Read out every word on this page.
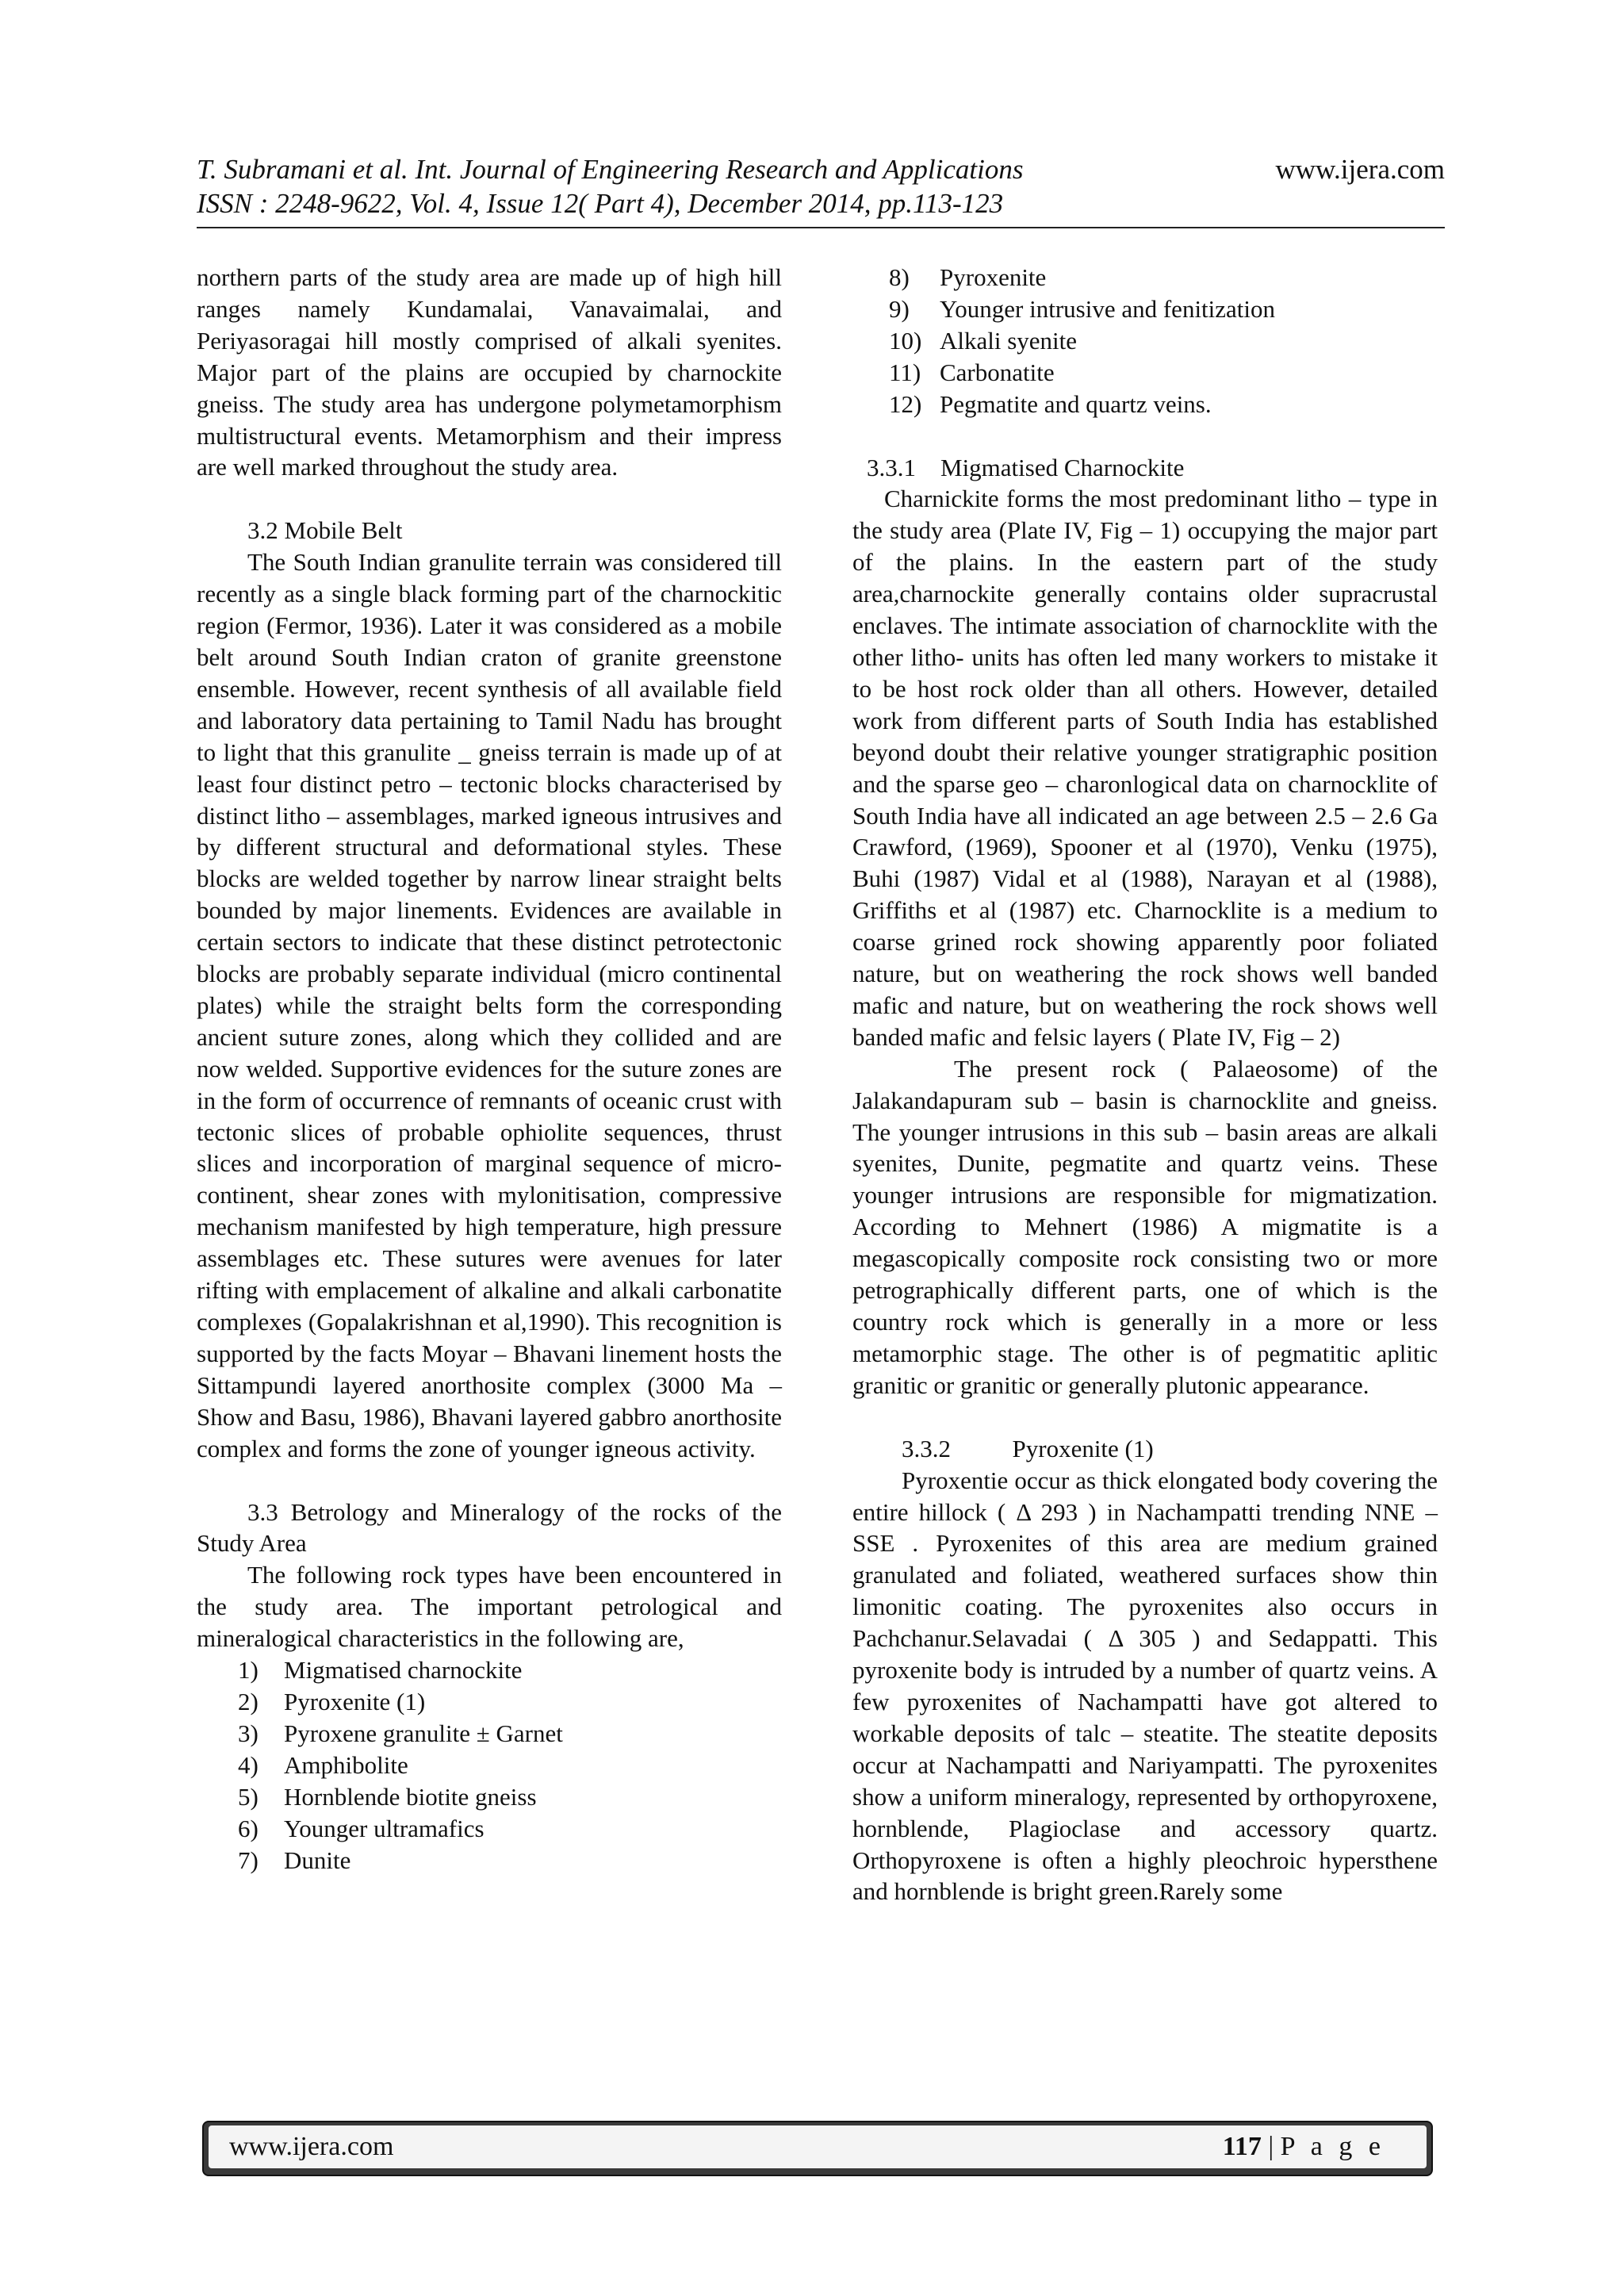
T. Subramani et al. Int. Journal of Engineering Research and Applications	www.ijera.com
ISSN : 2248-9622, Vol. 4, Issue 12( Part 4), December 2014, pp.113-123

northern parts of the study area are made up of high hill ranges namely Kundamalai, Vanavaimalai, and Periyasoragai hill mostly comprised of alkali syenites. Major part of the plains are occupied by charnockite gneiss. The study area has undergone polymetamorphism multistructural events. Metamorphism and their impress are well marked throughout the study area.

3.2 Mobile Belt

The South Indian granulite terrain was considered till recently as a single black forming part of the charnockitic region (Fermor, 1936). Later it was considered as a mobile belt around South Indian craton of granite greenstone ensemble. However, recent synthesis of all available field and laboratory data pertaining to Tamil Nadu has brought to light that this granulite _ gneiss terrain is made up of at least four distinct petro – tectonic blocks characterised by distinct litho – assemblages, marked igneous intrusives and by different structural and deformational styles. These blocks are welded together by narrow linear straight belts bounded by major linements. Evidences are available in certain sectors to indicate that these distinct petrotectonic blocks are probably separate individual (micro continental plates) while the straight belts form the corresponding ancient suture zones, along which they collided and are now welded. Supportive evidences for the suture zones are in the form of occurrence of remnants of oceanic crust with tectonic slices of probable ophiolite sequences, thrust slices and incorporation of marginal sequence of micro- continent, shear zones with mylonitisation, compressive mechanism manifested by high temperature, high pressure assemblages etc. These sutures were avenues for later rifting with emplacement of alkaline and alkali carbonatite complexes (Gopalakrishnan et al,1990). This recognition is supported by the facts Moyar – Bhavani linement hosts the Sittampundi layered anorthosite complex (3000 Ma – Show and Basu, 1986), Bhavani layered gabbro anorthosite complex and forms the zone of younger igneous activity.

3.3 Betrology and Mineralogy of the rocks of the Study Area

The following rock types have been encountered in the study area. The important petrological and mineralogical characteristics in the following are,

1)	Migmatised charnockite
2)	Pyroxenite (1)
3)	Pyroxene granulite ± Garnet
4)	Amphibolite
5)	Hornblende biotite gneiss
6)	Younger ultramafics
7)	Dunite
8)	Pyroxenite
9)	Younger intrusive and fenitization
10) Alkali syenite
11) Carbonatite
12) Pegmatite and quartz veins.

3.3.1    Migmatised Charnockite

Charnickite forms the most predominant litho – type in the study area (Plate IV, Fig – 1) occupying the major part of the plains. In the eastern part of the study area,charnockite generally contains older supracrustal enclaves. The intimate association of charnocklite with the other litho- units has often led many workers to mistake it to be host rock older than all others. However, detailed work from different parts of South India has established beyond doubt their relative younger stratigraphic position and the sparse geo – charonlogical data on charnocklite of South India have all indicated an age between 2.5 – 2.6 Ga Crawford, (1969), Spooner et al (1970), Venku (1975), Buhi (1987) Vidal et al (1988), Narayan et al (1988), Griffiths et al (1987) etc. Charnocklite is a medium to coarse grined rock showing apparently poor foliated nature, but on weathering the rock shows well banded mafic and nature, but on weathering the rock shows well banded mafic and felsic layers ( Plate IV, Fig – 2)

The present rock ( Palaeosome) of the Jalakandapuram sub – basin is charnocklite and gneiss. The younger intrusions in this sub – basin areas are alkali syenites, Dunite, pegmatite and quartz veins. These younger intrusions are responsible for migmatization. According to Mehnert (1986) A migmatite is a megascopically composite rock consisting two or more petrographically different parts, one of which is the country rock which is generally in a more or less metamorphic stage. The other is of pegmatitic aplitic granitic or granitic or generally plutonic appearance.

3.3.2          Pyroxenite (1)

Pyroxentie occur as thick elongated body covering the entire hillock ( Δ 293 ) in Nachampatti trending NNE – SSE . Pyroxenites of this area are medium grained granulated and foliated, weathered surfaces show thin limonitic coating. The pyroxenites also occurs in Pachchanur.Selavadai ( Δ 305 ) and Sedappatti. This pyroxenite body is intruded by a number of quartz veins. A few pyroxenites of Nachampatti have got altered to workable deposits of talc – steatite. The steatite deposits occur at Nachampatti and Nariyampatti. The pyroxenites show a uniform mineralogy, represented by orthopyroxene, hornblende, Plagioclase and accessory quartz. Orthopyroxene is often a highly pleochroic hypersthene and hornblende is bright green.Rarely some

www.ijera.com	117 | P a g e
